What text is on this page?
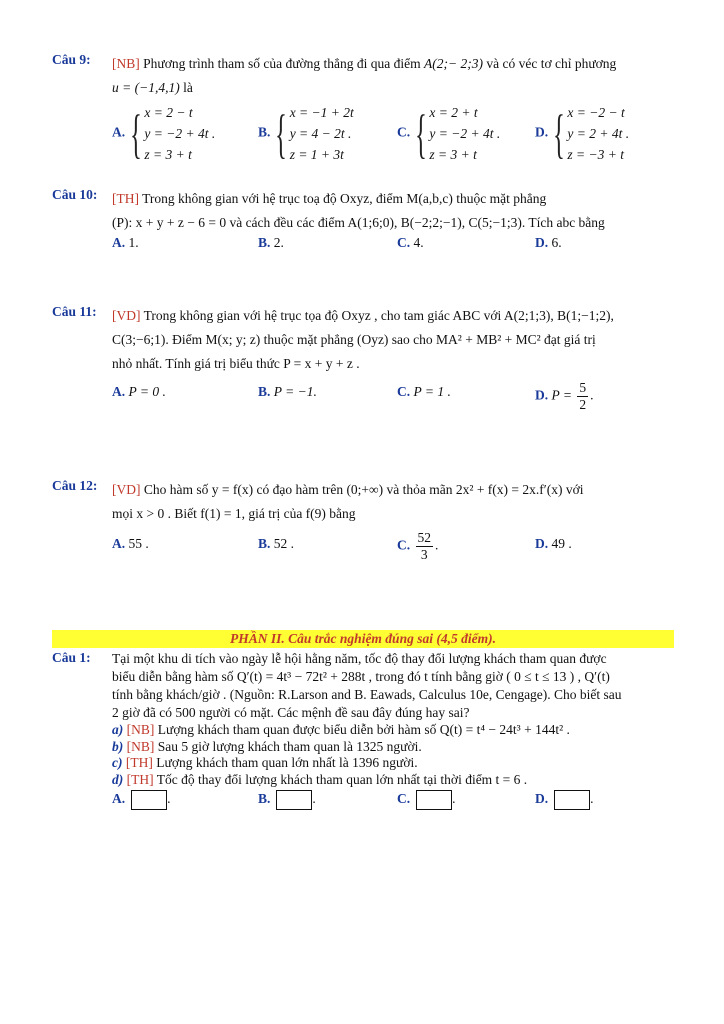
Câu 9: [NB] Phương trình tham số của đường thẳng đi qua điểm A(2;− 2;3) và có véc tơ chỉ phương
u = (−1,4,1) là
A. { x = 2 − t
y = −2 + 4t .
z = 3 + t
B. { x = −1 + 2t
y = 4 − 2t .
z = 1 + 3t
C. { x = 2 + t
y = −2 + 4t .
z = 3 + t
D. { x = −2 − t
y = 2 + 4t .
z = −3 + t
Câu 10: [TH] Trong không gian với hệ trục toạ độ Oxyz, điểm M(a,b,c) thuộc mặt phẳng
(P): x + y + z − 6 = 0 và cách đều các điểm A(1;6;0), B(−2;2;−1), C(5;−1;3). Tích abc bằng
A. 1.	B. 2.	C. 4.	D. 6.
Câu 11: [VD] Trong không gian với hệ trục tọa độ Oxyz , cho tam giác ABC với A(2;1;3), B(1;−1;2),
C(3;−6;1). Điểm M(x; y; z) thuộc mặt phẳng (Oyz) sao cho MA² + MB² + MC² đạt giá trị
nhỏ nhất. Tính giá trị biểu thức P = x + y + z .
A. P = 0 .	B. P = −1.	C. P = 1 .	D. $P = \frac{5}{2}$ .
Câu 12: [VD] Cho hàm số y = f(x) có đạo hàm trên (0;+∞) và thỏa mãn 2x² + f(x) = 2x.f′(x) với
mọi x > 0 . Biết f(1) = 1, giá trị của f(9) bằng
A. 55 .	B. 52 .	C. $\frac{52}{3}$ .	D. 49 .
PHẦN II. Câu trắc nghiệm đúng sai (4,5 điểm).
Câu 1: Tại một khu di tích vào ngày lễ hội hằng năm, tốc độ thay đổi lượng khách tham quan được
biểu diễn bằng hàm số Q′(t) = 4t³ − 72t² + 288t , trong đó t tính bằng giờ ( 0 ≤ t ≤ 13 ) , Q′(t)
tính bằng khách/giờ . (Nguồn: R.Larson and B. Eawads, Calculus 10e, Cengage). Cho biết sau
2 giờ đã có 500 người có mặt. Các mệnh đề sau đây đúng hay sai?
a) [NB] Lượng khách tham quan được biểu diễn bởi hàm số Q(t) = t⁴ − 24t³ + 144t² .
b) [NB] Sau 5 giờ lượng khách tham quan là 1325 người.
c) [TH] Lượng khách tham quan lớn nhất là 1396 người.
d) [TH] Tốc độ thay đổi lượng khách tham quan lớn nhất tại thời điểm t = 6 .
A.	.	B.	.	C.	.	D.	.
